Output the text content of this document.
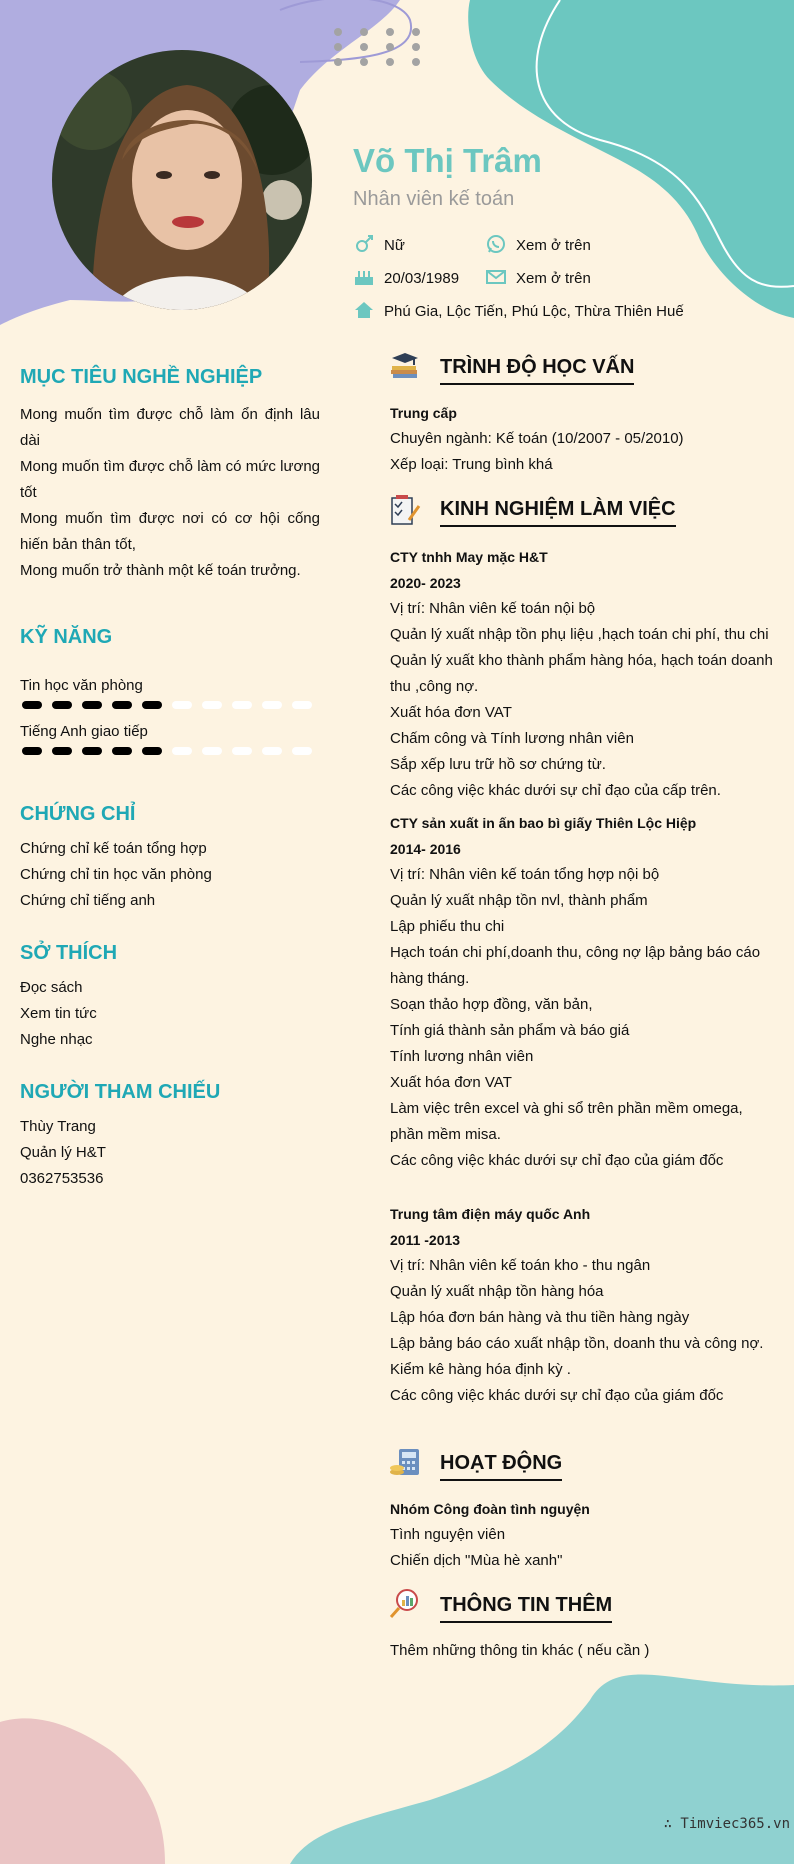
Võ Thị Trâm
Nhân viên kế toán
Nữ	Xem ở trên
20/03/1989	Xem ở trên
Phú Gia, Lộc Tiến, Phú Lộc, Thừa Thiên Huế
MỤC TIÊU NGHỀ NGHIỆP
Mong muốn tìm được chỗ làm ổn định lâu dài
Mong muốn tìm được chỗ làm có mức lương tốt
Mong muốn tìm được nơi có cơ hội cống hiến bản thân tốt,
Mong muốn trở thành một kế toán trưởng.
KỸ NĂNG
Tin học văn phòng
Tiếng Anh giao tiếp
CHỨNG CHỈ
Chứng chỉ kế toán tổng hợp
Chứng chỉ tin học văn phòng
Chứng chỉ tiếng anh
SỞ THÍCH
Đọc sách
Xem tin tức
Nghe nhạc
NGƯỜI THAM CHIẾU
Thùy Trang
Quản lý H&T
0362753536
TRÌNH ĐỘ HỌC VẤN
Trung cấp
Chuyên ngành: Kế toán (10/2007 - 05/2010)
Xếp loại: Trung bình khá
KINH NGHIỆM LÀM VIỆC
CTY tnhh May mặc H&T
2020- 2023
Vị trí: Nhân viên kế toán nội bộ
Quản lý xuất nhập tồn phụ liệu ,hạch toán chi phí, thu chi
Quản lý xuất kho thành phẩm hàng hóa, hạch toán doanh thu ,công nợ.
Xuất hóa đơn VAT
Chấm công và Tính lương nhân viên
Sắp xếp lưu trữ hồ sơ chứng từ.
Các công việc khác dưới sự chỉ đạo của cấp trên.
CTY sản xuất in ấn bao bì giấy Thiên Lộc Hiệp
2014- 2016
Vị trí: Nhân viên kế toán tổng hợp nội bộ
Quản lý xuất nhập tồn nvl, thành phẩm
Lập phiếu thu chi
Hạch toán chi phí,doanh thu, công nợ lập bảng báo cáo hàng tháng.
Soạn thảo hợp đồng, văn bản,
Tính giá thành sản phẩm và báo giá
Tính lương nhân viên
Xuất hóa đơn VAT
Làm việc trên excel và ghi sổ trên phần mềm omega, phần mềm misa.
Các công việc khác dưới sự chỉ đạo của giám đốc
Trung tâm điện máy quốc Anh
2011 -2013
Vị trí: Nhân viên kế toán kho - thu ngân
Quản lý xuất nhập tồn hàng hóa
Lập hóa đơn bán hàng và thu tiền hàng ngày
Lập bảng báo cáo xuất nhập tồn, doanh thu và công nợ.
Kiểm kê hàng hóa định kỳ .
Các công việc khác dưới sự chỉ đạo của giám đốc
HOẠT ĐỘNG
Nhóm Công đoàn tình nguyện
Tình nguyện viên
Chiến dịch "Mùa hè xanh"
THÔNG TIN THÊM
Thêm những thông tin khác ( nếu cần )
∴ Timviec365.vn
